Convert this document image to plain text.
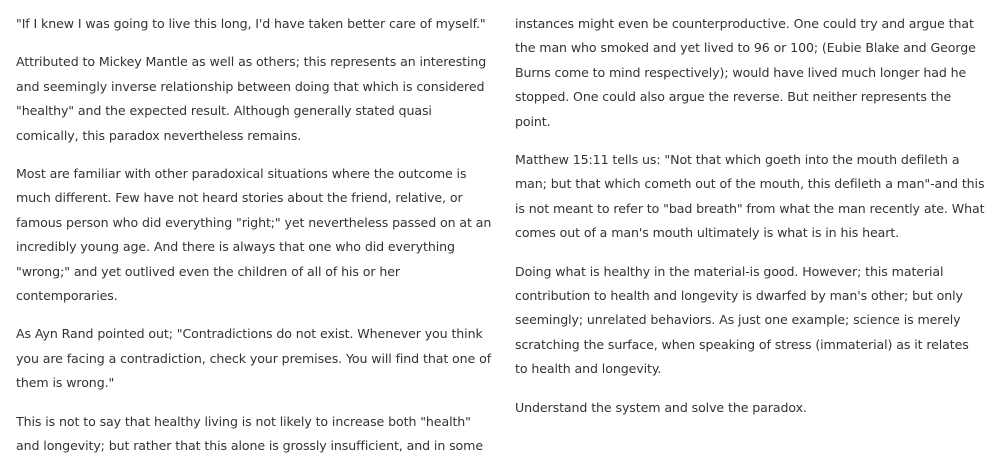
"If I knew I was going to live this long, I'd have taken better care of myself."

Attributed to Mickey Mantle as well as others; this represents an interesting and seemingly inverse relationship between doing that which is considered "healthy" and the expected result. Although generally stated quasi comically, this paradox nevertheless remains.

Most are familiar with other paradoxical situations where the outcome is much different. Few have not heard stories about the friend, relative, or famous person who did everything "right;" yet nevertheless passed on at an incredibly young age. And there is always that one who did everything "wrong;" and yet outlived even the children of all of his or her contemporaries.

As Ayn Rand pointed out; "Contradictions do not exist. Whenever you think you are facing a contradiction, check your premises. You will find that one of them is wrong."

This is not to say that healthy living is not likely to increase both "health" and longevity; but rather that this alone is grossly insufficient, and in some

instances might even be counterproductive. One could try and argue that the man who smoked and yet lived to 96 or 100; (Eubie Blake and George Burns come to mind respectively); would have lived much longer had he stopped. One could also argue the reverse. But neither represents the point.

Matthew 15:11 tells us: "Not that which goeth into the mouth defileth a man; but that which cometh out of the mouth, this defileth a man"-and this is not meant to refer to "bad breath" from what the man recently ate. What comes out of a man's mouth ultimately is what is in his heart.

Doing what is healthy in the material-is good. However; this material contribution to health and longevity is dwarfed by man's other; but only seemingly; unrelated behaviors. As just one example; science is merely scratching the surface, when speaking of stress (immaterial) as it relates to health and longevity.

Understand the system and solve the paradox.
